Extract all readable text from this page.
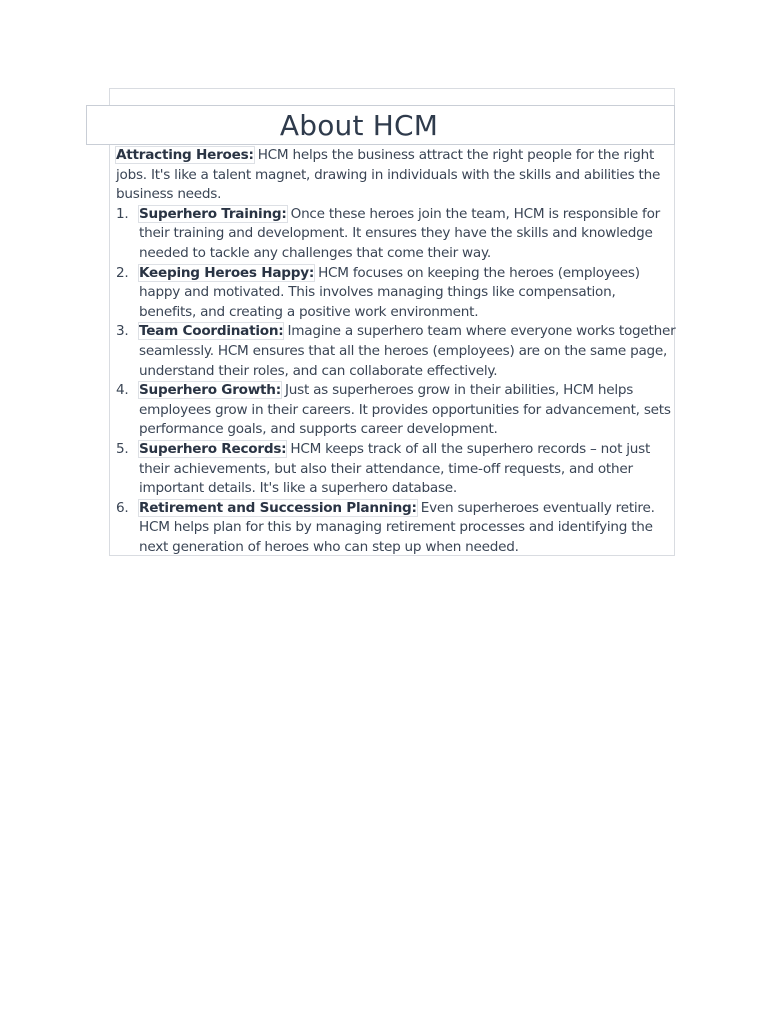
About HCM

Attracting Heroes: HCM helps the business attract the right people for the right jobs. It's like a talent magnet, drawing in individuals with the skills and abilities the business needs.

1. Superhero Training: Once these heroes join the team, HCM is responsible for their training and development. It ensures they have the skills and knowledge needed to tackle any challenges that come their way.
2. Keeping Heroes Happy: HCM focuses on keeping the heroes (employees) happy and motivated. This involves managing things like compensation, benefits, and creating a positive work environment.
3. Team Coordination: Imagine a superhero team where everyone works together seamlessly. HCM ensures that all the heroes (employees) are on the same page, understand their roles, and can collaborate effectively.
4. Superhero Growth: Just as superheroes grow in their abilities, HCM helps employees grow in their careers. It provides opportunities for advancement, sets performance goals, and supports career development.
5. Superhero Records: HCM keeps track of all the superhero records – not just their achievements, but also their attendance, time-off requests, and other important details. It's like a superhero database.
6. Retirement and Succession Planning: Even superheroes eventually retire. HCM helps plan for this by managing retirement processes and identifying the next generation of heroes who can step up when needed.
